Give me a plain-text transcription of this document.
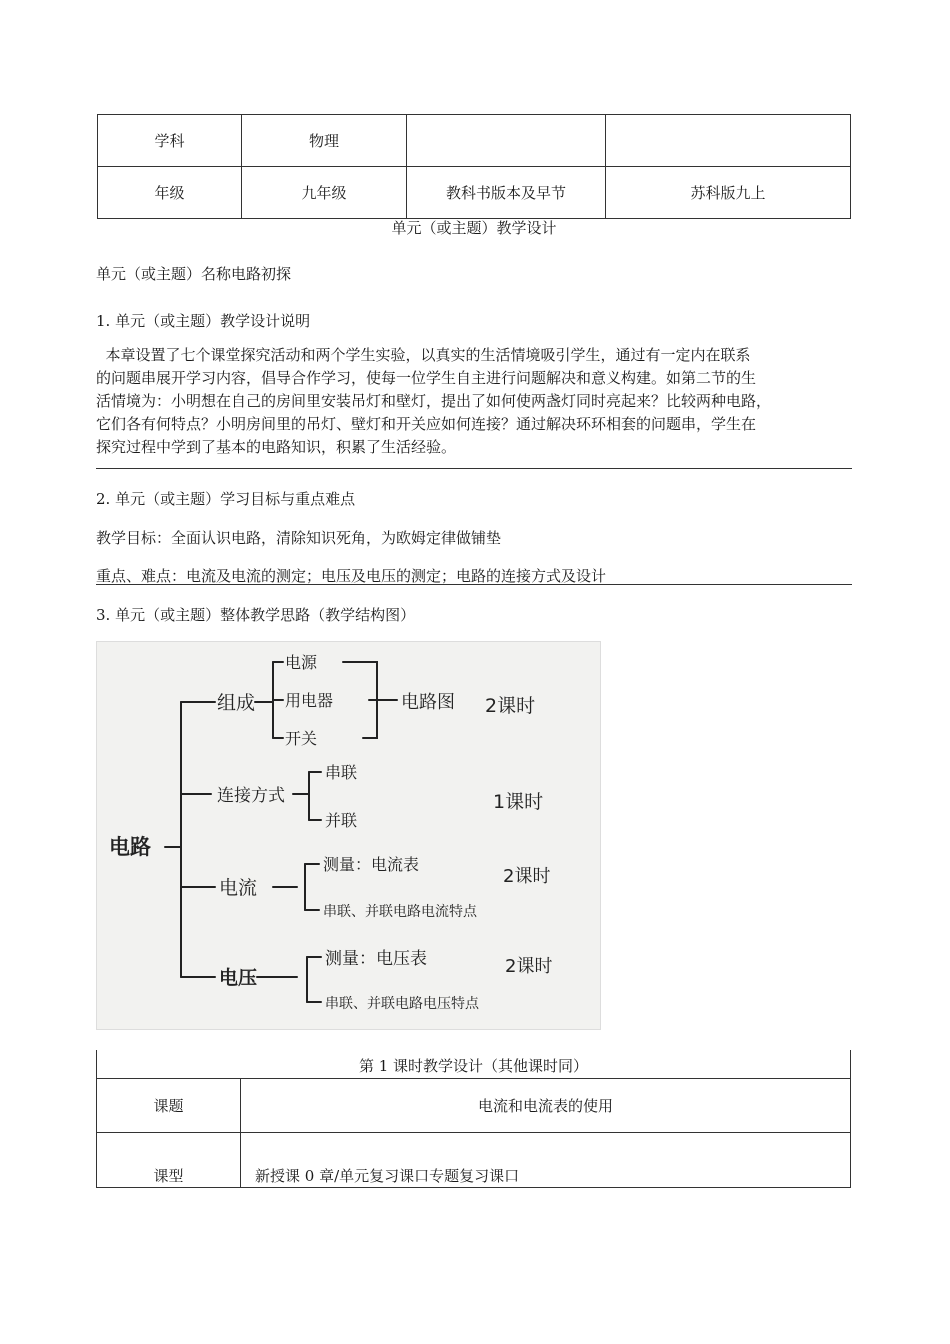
学科	物理		
年级	九年级	教科书版本及早节	苏科版九上
单元（或主题）教学设计
单元（或主题）名称电路初探
1. 单元（或主题）教学设计说明
本章设置了七个课堂探究活动和两个学生实验，以真实的生活情境吸引学生，通过有一定内在联系
的问题串展开学习内容，倡导合作学习，使每一位学生自主进行问题解决和意义构建。如第二节的生
活情境为：小明想在自己的房间里安装吊灯和壁灯，提出了如何使两盏灯同时亮起来？比较两种电路，
它们各有何特点？小明房间里的吊灯、壁灯和开关应如何连接？通过解决环环相套的问题串，学生在
探究过程中学到了基本的电路知识，积累了生活经验。
2. 单元（或主题）学习目标与重点难点
教学目标：全面认识电路，清除知识死角，为欧姆定律做铺垫
重点、难点：电流及电流的测定；电压及电压的测定；电路的连接方式及设计
3. 单元（或主题）整体教学思路（教学结构图）
电路
组成
电源
用电器
开关
电路图 2课时
连接方式
串联
并联
1课时
电流
测量：电流表
串联、并联电路电流特点
2课时
电压
测量：电压表
串联、并联电路电压特点
2课时
第 1 课时教学设计（其他课时同）
课题	电流和电流表的使用
课型	新授课 0 章/单元复习课口专题复习课口
